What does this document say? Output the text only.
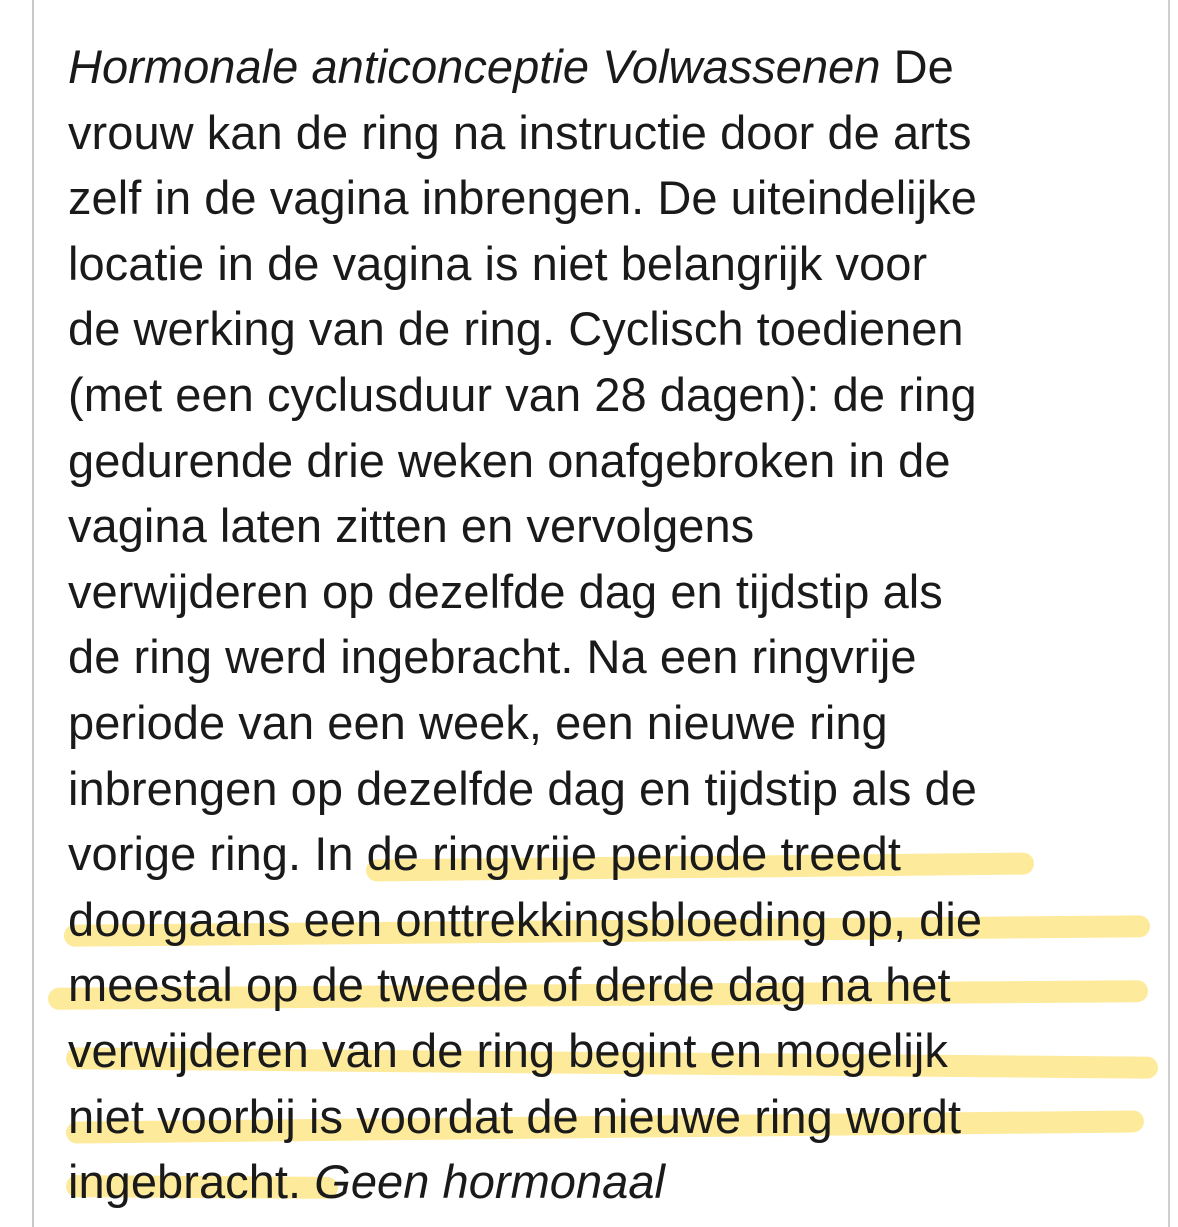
Hormonale anticonceptie Volwassenen De
vrouw kan de ring na instructie door de arts
zelf in de vagina inbrengen. De uiteindelijke
locatie in de vagina is niet belangrijk voor
de werking van de ring. Cyclisch toedienen
(met een cyclusduur van 28 dagen): de ring
gedurende drie weken onafgebroken in de
vagina laten zitten en vervolgens
verwijderen op dezelfde dag en tijdstip als
de ring werd ingebracht. Na een ringvrije
periode van een week, een nieuwe ring
inbrengen op dezelfde dag en tijdstip als de
vorige ring. In de ringvrije periode treedt
doorgaans een onttrekkingsbloeding op, die
meestal op de tweede of derde dag na het
verwijderen van de ring begint en mogelijk
niet voorbij is voordat de nieuwe ring wordt
ingebracht. Geen hormonaal
